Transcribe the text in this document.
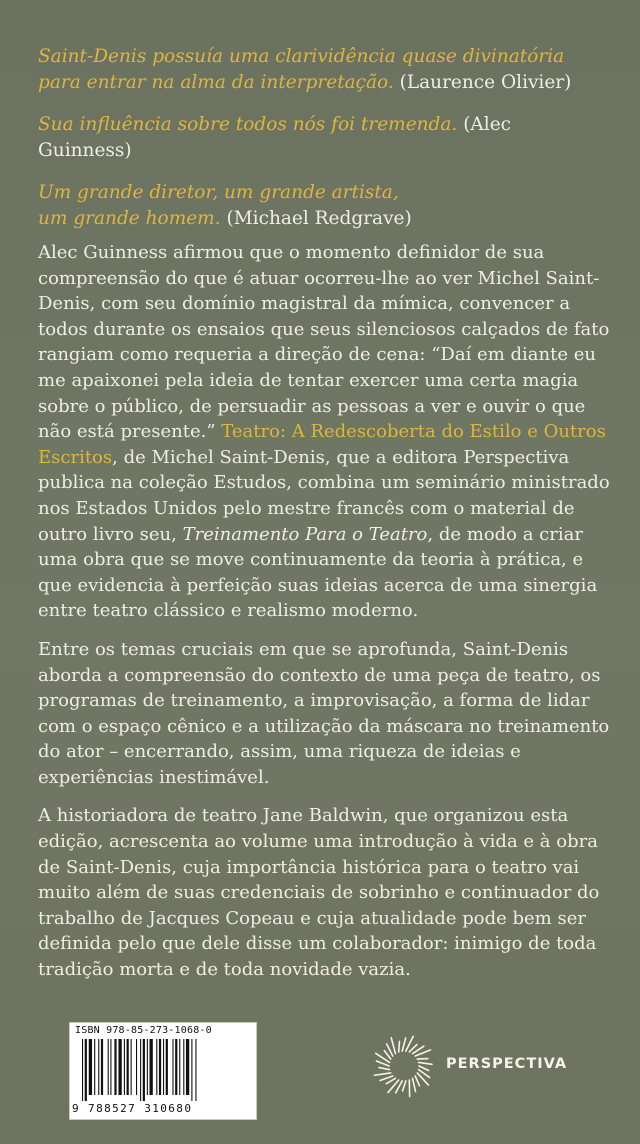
Saint-Denis possuía uma clarividência quase divinatória
para entrar na alma da interpretação. (Laurence Olivier)

Sua influência sobre todos nós foi tremenda. (Alec Guinness)

Um grande diretor, um grande artista,
um grande homem. (Michael Redgrave)

Alec Guinness afirmou que o momento definidor de sua compreensão do que é atuar ocorreu-lhe ao ver Michel Saint-Denis, com seu domínio magistral da mímica, convencer a todos durante os ensaios que seus silenciosos calçados de fato rangiam como requeria a direção de cena: “Daí em diante eu me apaixonei pela ideia de tentar exercer uma certa magia sobre o público, de persuadir as pessoas a ver e ouvir o que não está presente.” Teatro: A Redescoberta do Estilo e Outros Escritos, de Michel Saint-Denis, que a editora Perspectiva publica na coleção Estudos, combina um seminário ministrado nos Estados Unidos pelo mestre francês com o material de outro livro seu, Treinamento Para o Teatro, de modo a criar uma obra que se move continuamente da teoria à prática, e que evidencia à perfeição suas ideias acerca de uma sinergia entre teatro clássico e realismo moderno.

Entre os temas cruciais em que se aprofunda, Saint-Denis aborda a compreensão do contexto de uma peça de teatro, os programas de treinamento, a improvisação, a forma de lidar com o espaço cênico e a utilização da máscara no treinamento do ator – encerrando, assim, uma riqueza de ideias e experiências inestimável.

A historiadora de teatro Jane Baldwin, que organizou esta edição, acrescenta ao volume uma introdução à vida e à obra de Saint-Denis, cuja importância histórica para o teatro vai muito além de suas credenciais de sobrinho e continuador do trabalho de Jacques Copeau e cuja atualidade pode bem ser definida pelo que dele disse um colaborador: inimigo de toda tradição morta e de toda novidade vazia.

ISBN 978-85-273-1068-0
9 788527 310680
PERSPECTIVA
